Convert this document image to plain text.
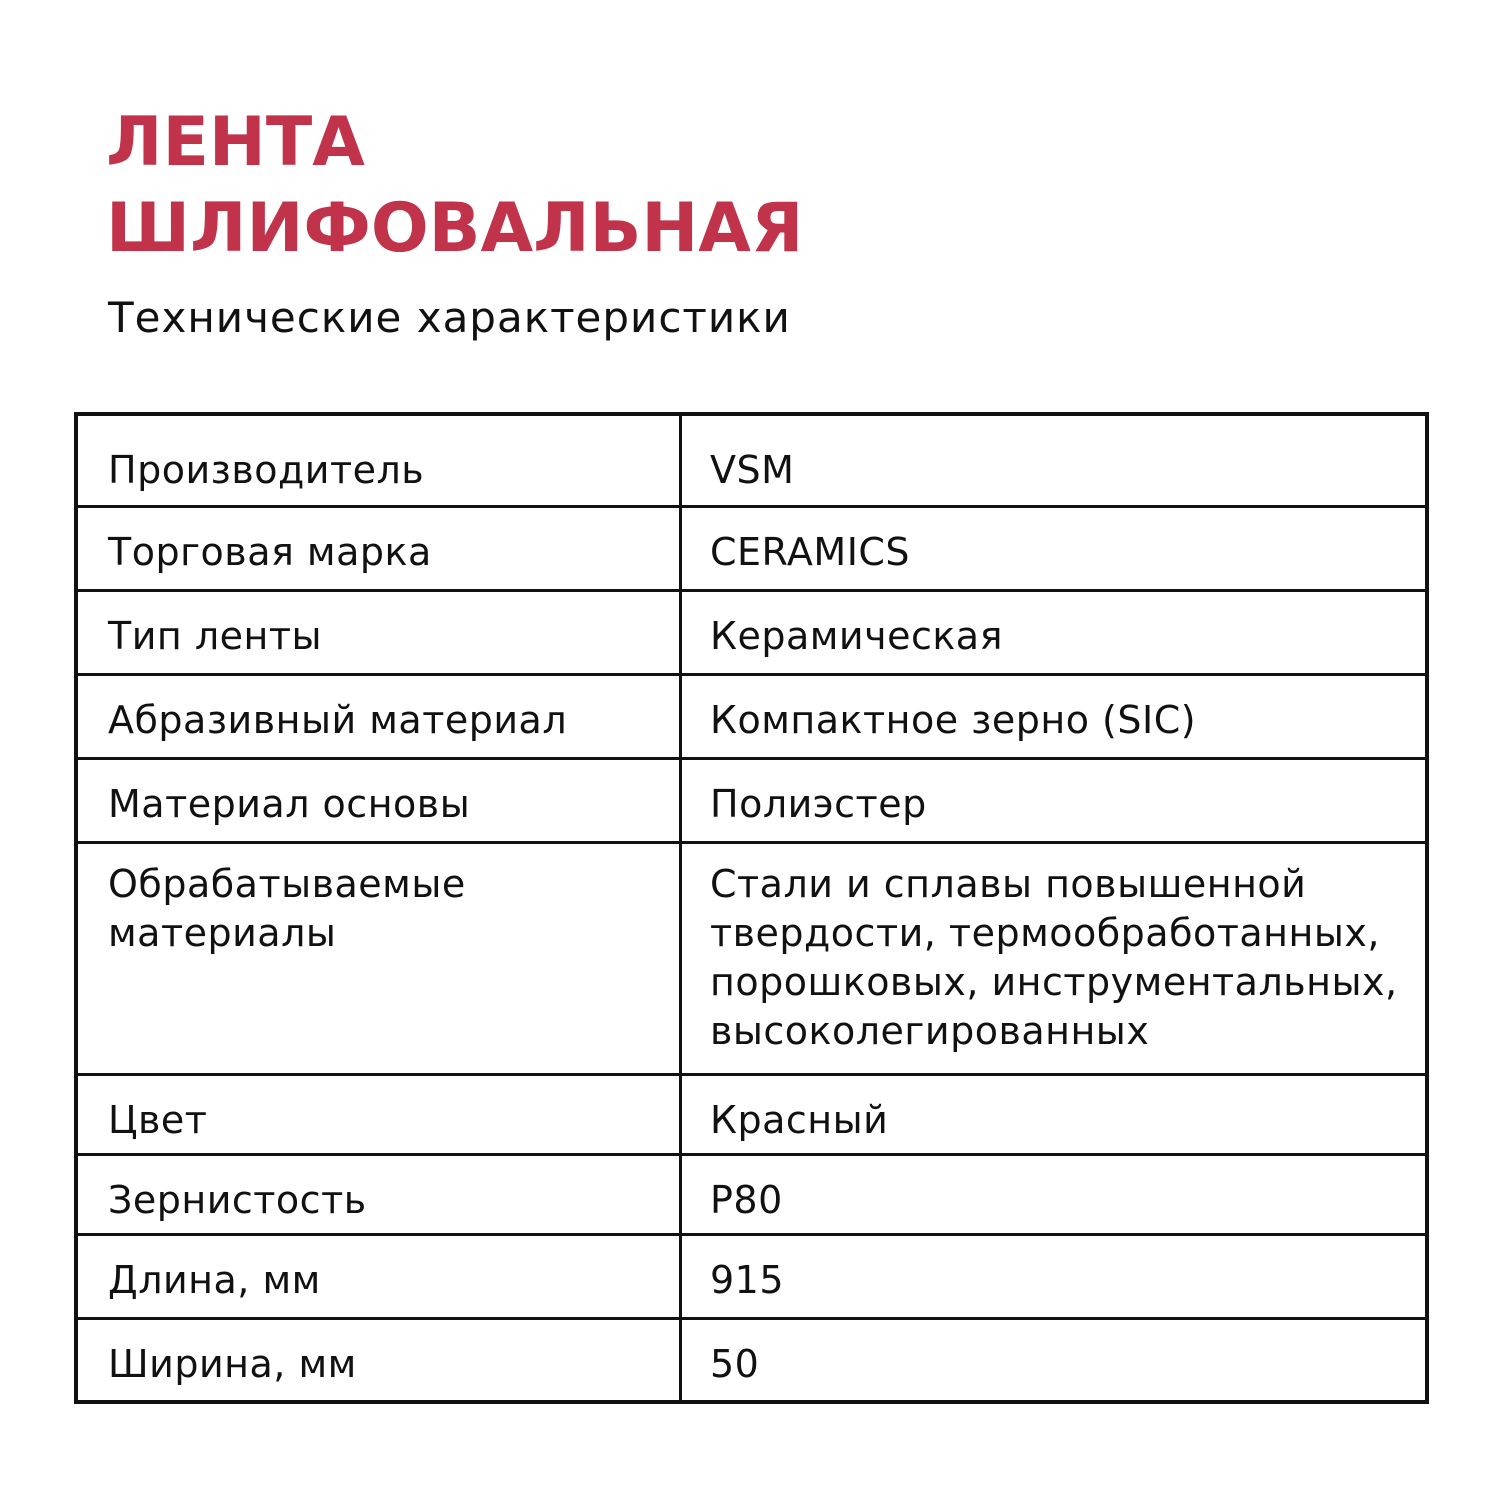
ЛЕНТА
ШЛИФОВАЛЬНАЯ
Технические характеристики
Производитель	VSM

Торговая марка	CERAMICS

Тип ленты	Керамическая

Абразивный материал	Компактное зерно (SIC)

Материал основы	Полиэстер

Обрабатываемые материалы	Стали и сплавы повышенной твердости, термообработанных, порошковых, инструментальных, высоколегированных

Цвет	Красный

Зернистость	P80

Длина, мм	915

Ширина, мм	50
